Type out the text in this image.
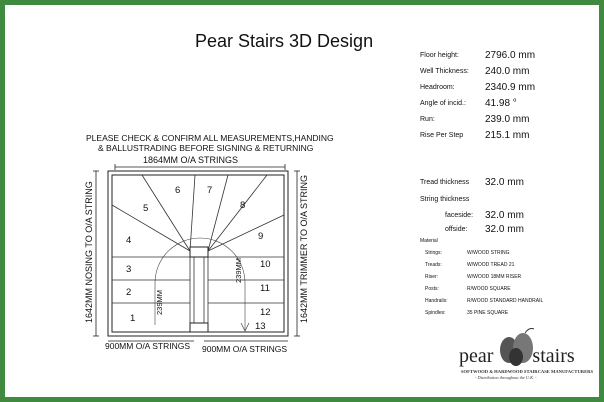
Pear Stairs 3D Design
Floor height:	2796.0 mm
Well Thickness: 240.0 mm
Headroom:	2340.9 mm
Angle of incid.: 41.98 °
Run:	239.0 mm
Rise Per Step 215.1 mm
Tread thickness 32.0 mm
String thickness
faceside: 32.0 mm
offside: 32.0 mm
Material
Strings:	W/WOOD STRING
Treads:	W/WOOD TREAD 21
Riser:	W/WOOD 18MM RISER
Posts:	R/WOOD SQUARE
Handrails:	R/WOOD STANDARD HANDRAIL
Spindles:	35 PINE SQUARE
PLEASE CHECK & CONFIRM ALL MEASUREMENTS,HANDING
& BALLUSTRADING BEFORE SIGNING & RETURNING
1864MM O/A STRINGS
1
2
3
4
5
6	7
8
9
10
11
12
13
239MM
239MM
1642MM NOSING TO O/A STRING	1642MM TRIMMER TO O/A STRING
900MM O/A STRINGS 900MM O/A STRINGS	pear stairs
SOFTWOOD & HARDWOOD STAIRCASE MANUFACTURERS
- Distribution throughout the U.K. -
